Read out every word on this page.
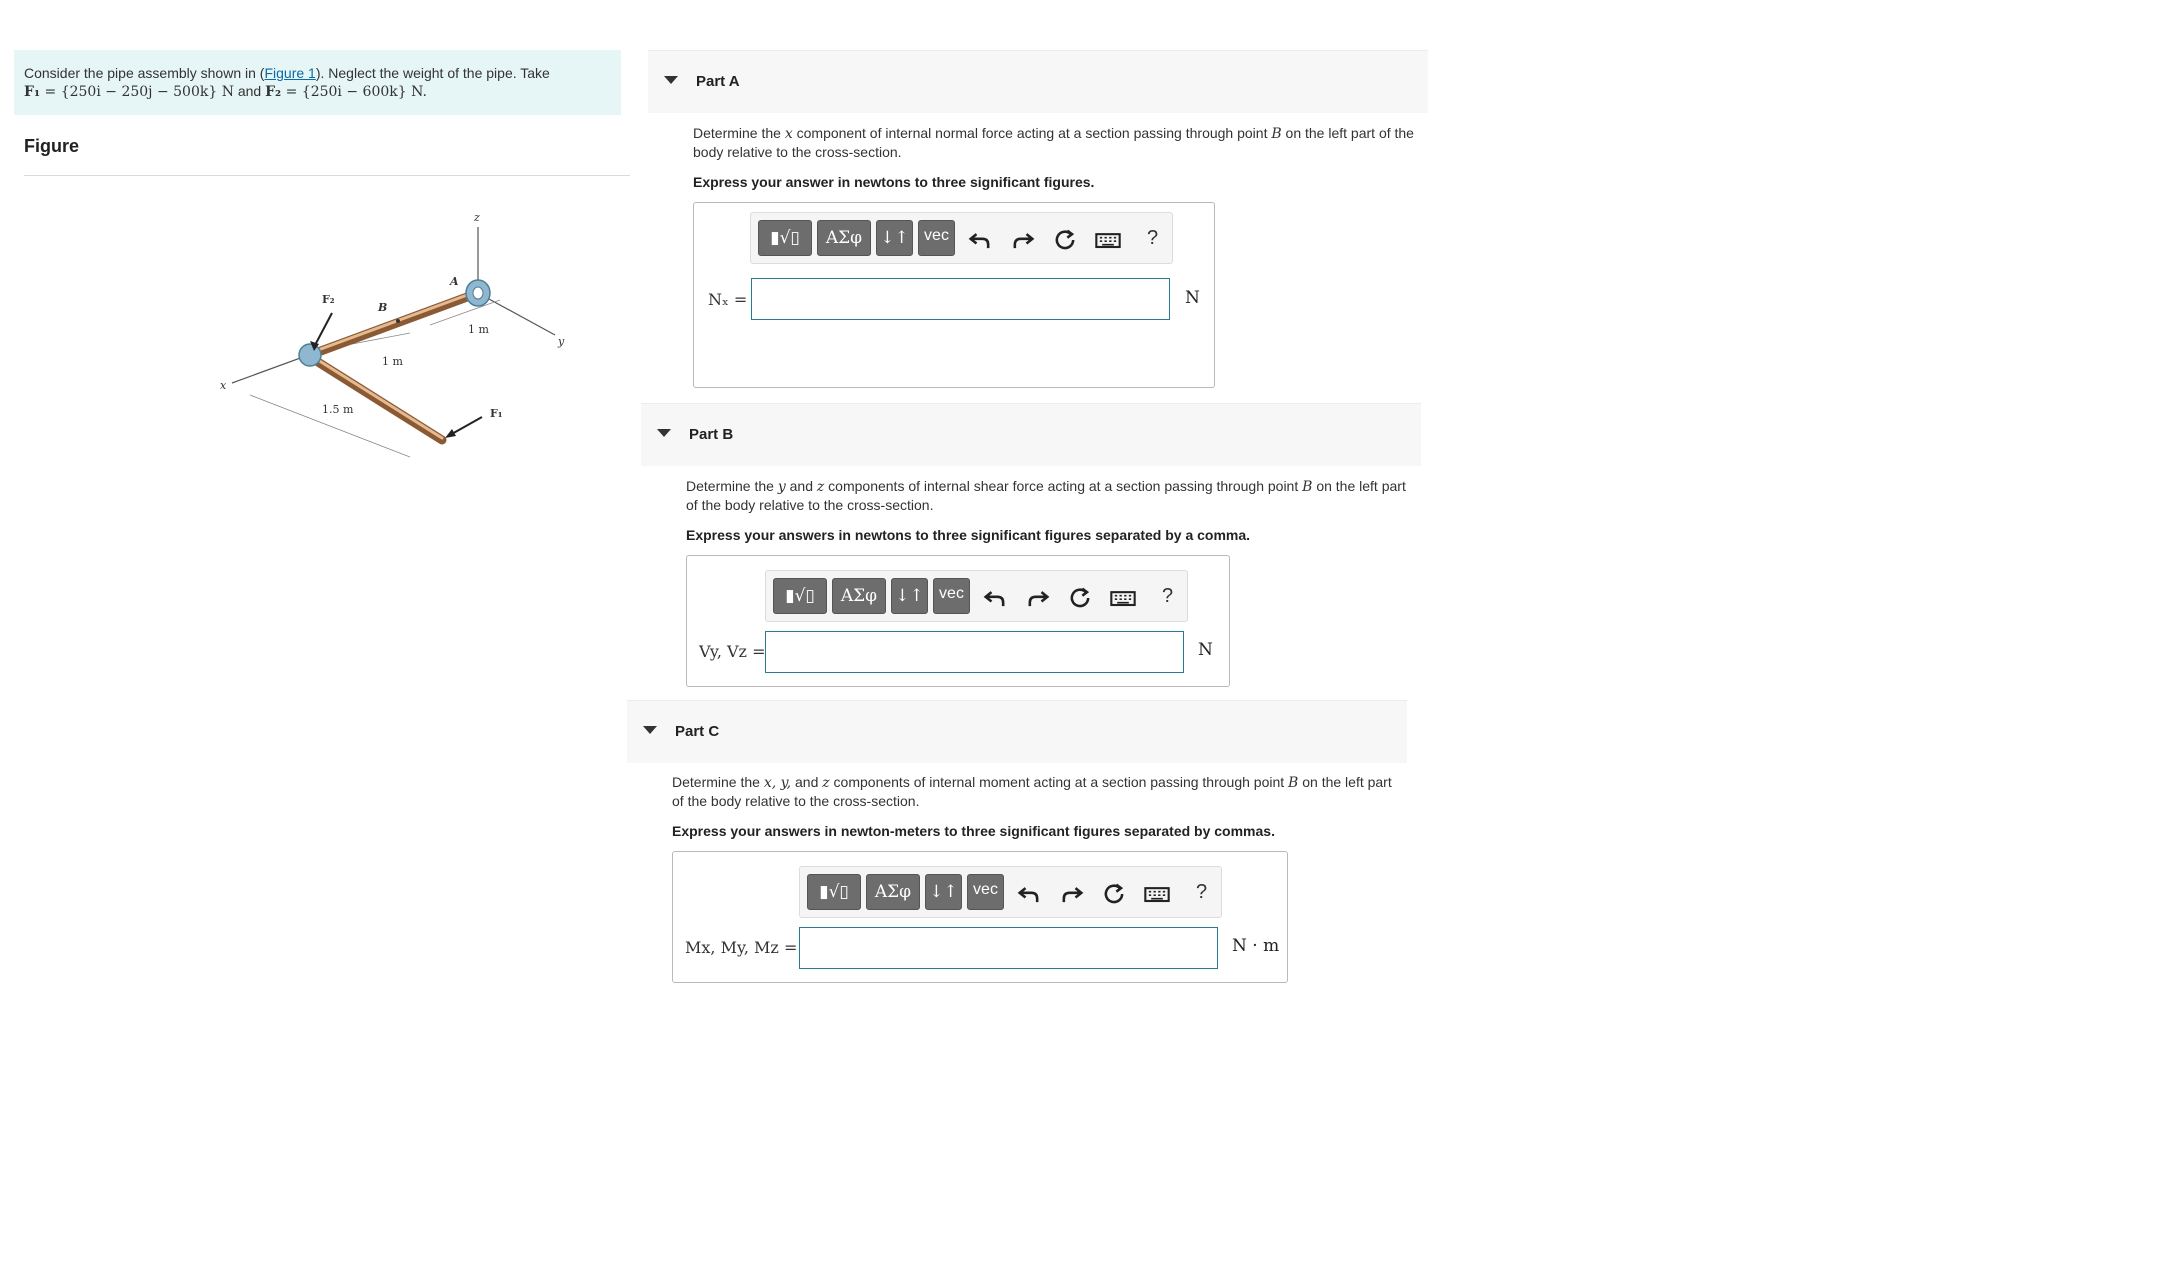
Consider the pipe assembly shown in (Figure 1). Neglect the weight of the pipe. Take
F₁ = {250i − 250j − 500k} N and F₂ = {250i − 600k} N.
Figure
z
y
x
A
B
F₂
F₁
1 m
1 m
1.5 m
Part A
Determine the x component of internal normal force acting at a section passing through point B on the left part of the body relative to the cross-section.
Express your answer in newtons to three significant figures.
▮√▯	AΣφ	↓↑ vec	?
Nₓ =	N
Part B
Determine the y and z components of internal shear force acting at a section passing through point B on the left part of the body relative to the cross-section.
Express your answers in newtons to three significant figures separated by a comma.
▮√▯	AΣφ	↓↑ vec	?
Vy, Vz =	N
Part C
Determine the x, y, and z components of internal moment acting at a section passing through point B on the left part of the body relative to the cross-section.
Express your answers in newton-meters to three significant figures separated by commas.
▮√▯	AΣφ	↓↑ vec	?
Mx, My, Mz =	N · m
